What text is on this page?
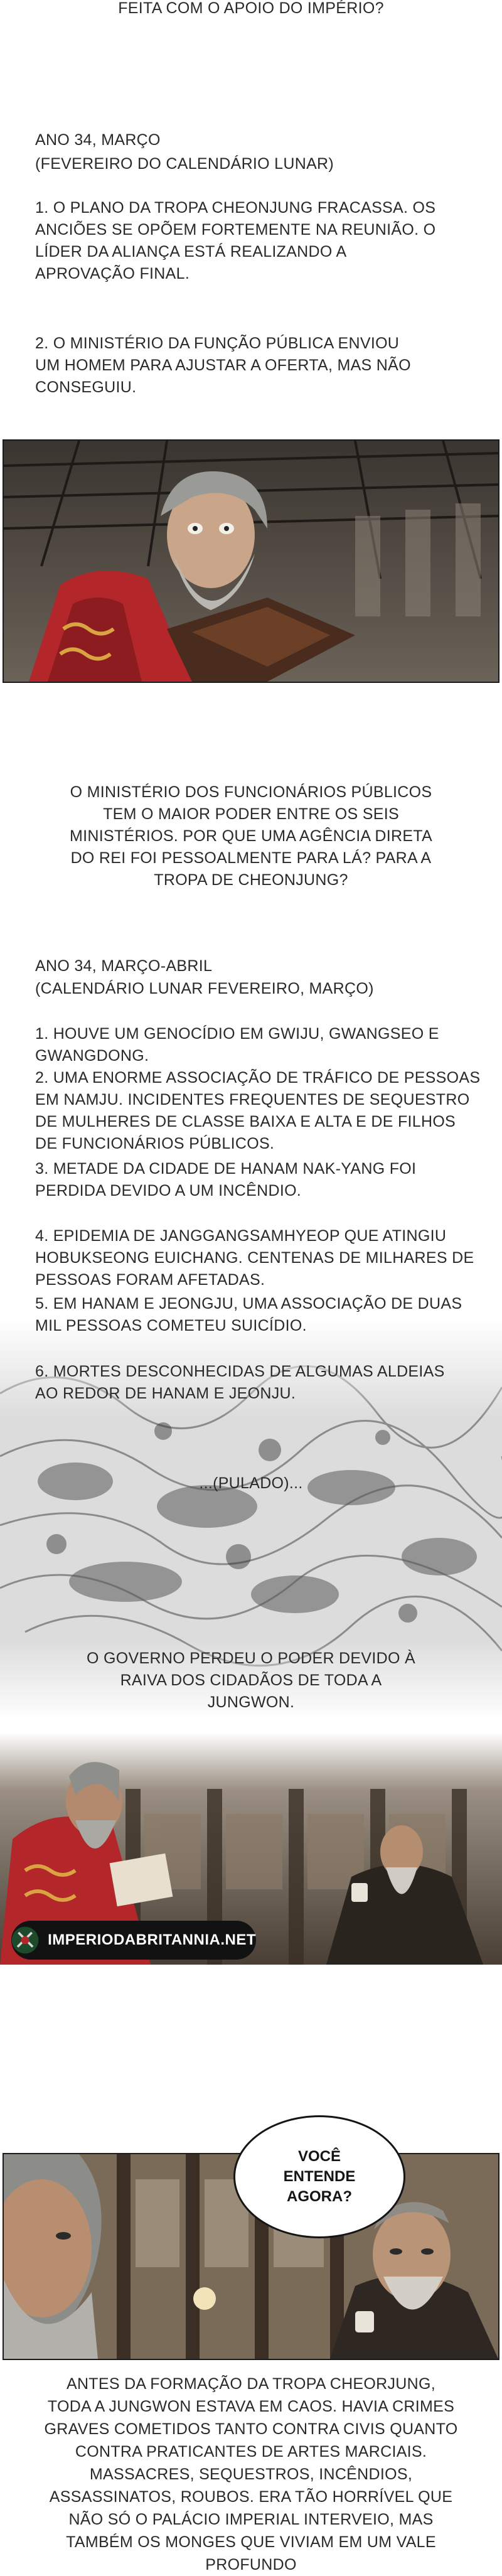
FEITA COM O APOIO DO IMPÉRIO?
ANO 34, MARÇO
(FEVEREIRO DO CALENDÁRIO LUNAR)
1. O PLANO DA TROPA CHEONJUNG FRACASSA. OS ANCIÕES SE OPÕEM FORTEMENTE NA REUNIÃO. O LÍDER DA ALIANÇA ESTÁ REALIZANDO A APROVAÇÃO FINAL.
2. O MINISTÉRIO DA FUNÇÃO PÚBLICA ENVIOU UM HOMEM PARA AJUSTAR A OFERTA, MAS NÃO CONSEGUIU.
O MINISTÉRIO DOS FUNCIONÁRIOS PÚBLICOS TEM O MAIOR PODER ENTRE OS SEIS MINISTÉRIOS. POR QUE UMA AGÊNCIA DIRETA DO REI FOI PESSOALMENTE PARA LÁ? PARA A TROPA DE CHEONJUNG?
ANO 34, MARÇO-ABRIL
(CALENDÁRIO LUNAR FEVEREIRO, MARÇO)
1. HOUVE UM GENOCÍDIO EM GWIJU, GWANGSEO E GWANGDONG.
2. UMA ENORME ASSOCIAÇÃO DE TRÁFICO DE PESSOAS EM NAMJU. INCIDENTES FREQUENTES DE SEQUESTRO DE MULHERES DE CLASSE BAIXA E ALTA E DE FILHOS DE FUNCIONÁRIOS PÚBLICOS.
3. METADE DA CIDADE DE HANAM NAK-YANG FOI PERDIDA DEVIDO A UM INCÊNDIO.
4. EPIDEMIA DE JANGGANGSAMHYEOP QUE ATINGIU HOBUKSEONG EUICHANG. CENTENAS DE MILHARES DE PESSOAS FORAM AFETADAS.
5. EM HANAM E JEONGJU, UMA ASSOCIAÇÃO DE DUAS MIL PESSOAS COMETEU SUICÍDIO.
6. MORTES DESCONHECIDAS DE ALGUMAS ALDEIAS AO REDOR DE HANAM E JEONJU.
...(PULADO)...
O GOVERNO PERDEU O PODER DEVIDO À RAIVA DOS CIDADÃOS DE TODA A JUNGWON.
IMPERIODABRITANNIA.NET
VOCÊ ENTENDE AGORA?
ANTES DA FORMAÇÃO DA TROPA CHEORJUNG, TODA A JUNGWON ESTAVA EM CAOS. HAVIA CRIMES GRAVES COMETIDOS TANTO CONTRA CIVIS QUANTO CONTRA PRATICANTES DE ARTES MARCIAIS. MASSACRES, SEQUESTROS, INCÊNDIOS, ASSASSINATOS, ROUBOS. ERA TÃO HORRÍVEL QUE NÃO SÓ O PALÁCIO IMPERIAL INTERVEIO, MAS TAMBÉM OS MONGES QUE VIVIAM EM UM VALE PROFUNDO
